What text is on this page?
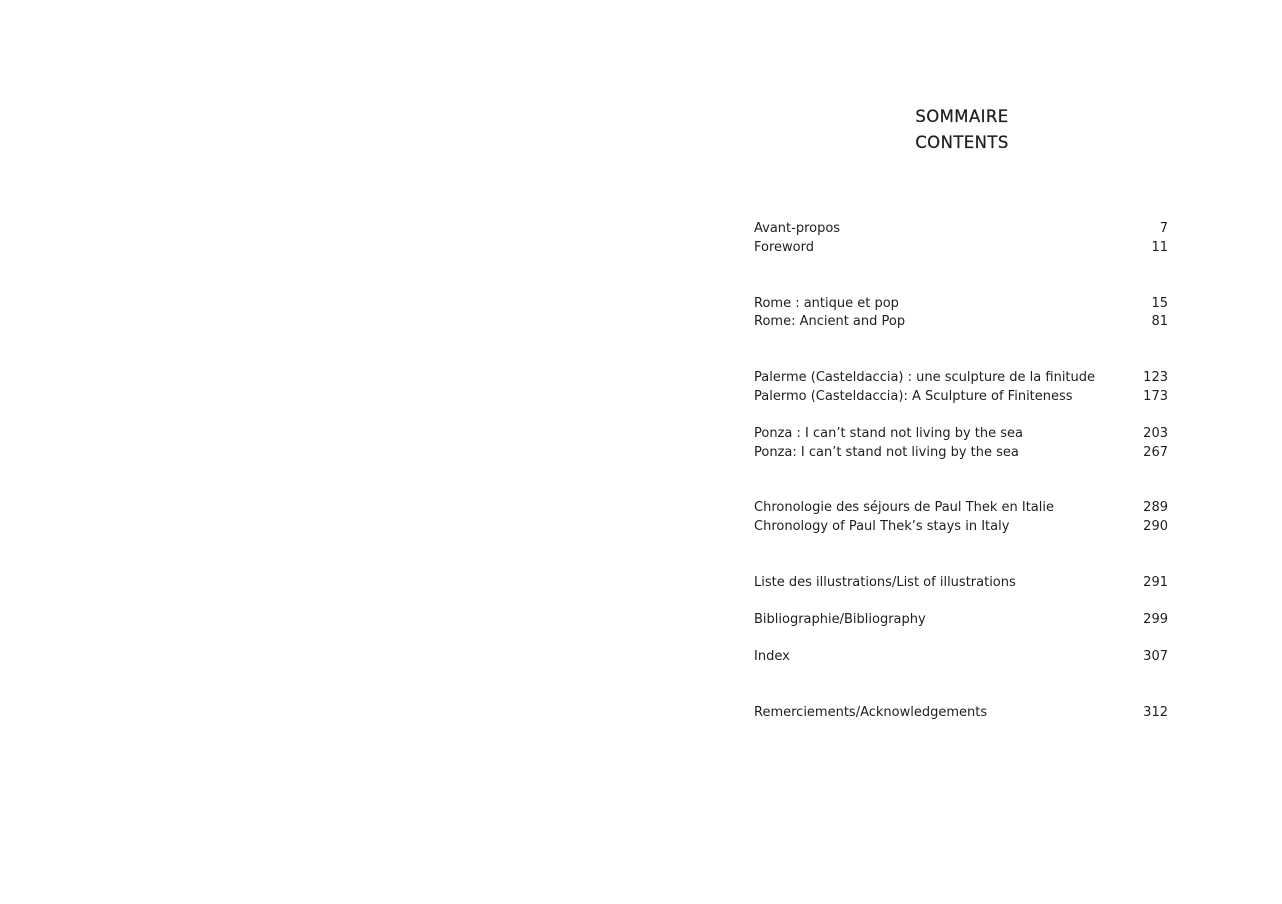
SOMMAIRE
CONTENTS
Avant-propos	7
Foreword	11
Rome : antique et pop	15
Rome: Ancient and Pop	81
Palerme (Casteldaccia) : une sculpture de la finitude	123
Palermo (Casteldaccia): A Sculpture of Finiteness	173
Ponza : I can’t stand not living by the sea	203
Ponza: I can’t stand not living by the sea	267
Chronologie des séjours de Paul Thek en Italie	289
Chronology of Paul Thek’s stays in Italy	290
Liste des illustrations/List of illustrations	291
Bibliographie/Bibliography	299
Index	307
Remerciements/Acknowledgements	312
